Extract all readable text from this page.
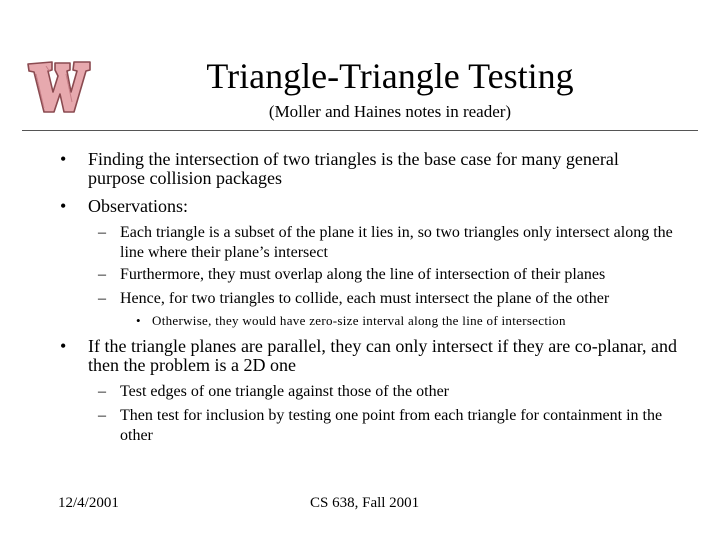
Triangle-Triangle Testing
(Moller and Haines notes in reader)
• Finding the intersection of two triangles is the base case for many general purpose collision packages
• Observations:
– Each triangle is a subset of the plane it lies in, so two triangles only intersect along the line where their plane’s intersect
– Furthermore, they must overlap along the line of intersection of their planes
– Hence, for two triangles to collide, each must intersect the plane of the other
• Otherwise, they would have zero-size interval along the line of intersection
• If the triangle planes are parallel, they can only intersect if they are co-planar, and then the problem is a 2D one
– Test edges of one triangle against those of the other
– Then test for inclusion by testing one point from each triangle for containment in the other
12/4/2001	CS 638, Fall 2001
